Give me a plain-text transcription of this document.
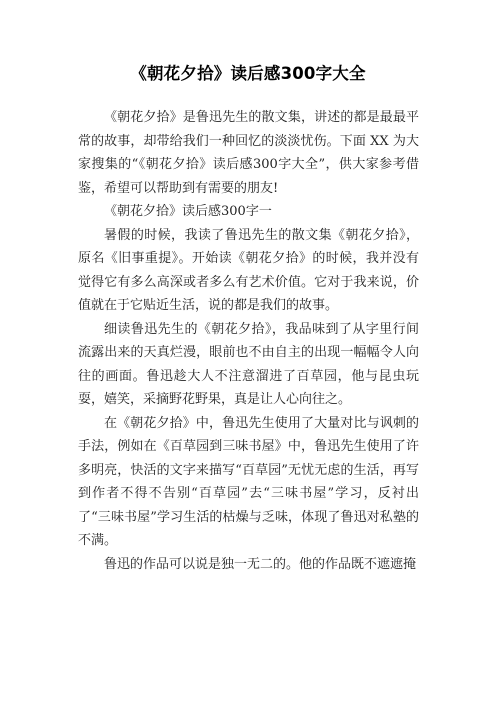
《朝花夕拾》读后感300字大全

《朝花夕拾》是鲁迅先生的散文集，讲述的都是最最平常的故事，却带给我们一种回忆的淡淡忧伤。下面 XX 为大家搜集的“《朝花夕拾》读后感300字大全”，供大家参考借鉴，希望可以帮助到有需要的朋友!

《朝花夕拾》读后感300字一

暑假的时候，我读了鲁迅先生的散文集《朝花夕拾》，原名《旧事重提》。开始读《朝花夕拾》的时候，我并没有觉得它有多么高深或者多么有艺术价值。它对于我来说，价值就在于它贴近生活，说的都是我们的故事。

细读鲁迅先生的《朝花夕拾》，我品味到了从字里行间流露出来的天真烂漫，眼前也不由自主的出现一幅幅令人向往的画面。鲁迅趁大人不注意溜进了百草园，他与昆虫玩耍，嬉笑，采摘野花野果，真是让人心向往之。

在《朝花夕拾》中，鲁迅先生使用了大量对比与讽刺的手法，例如在《百草园到三味书屋》中，鲁迅先生使用了许多明亮，快活的文字来描写“百草园”无忧无虑的生活，再写到作者不得不告别“百草园”去“三味书屋”学习，反衬出了“三味书屋”学习生活的枯燥与乏味，体现了鲁迅对私塾的不满。

鲁迅的作品可以说是独一无二的。他的作品既不遮遮掩
